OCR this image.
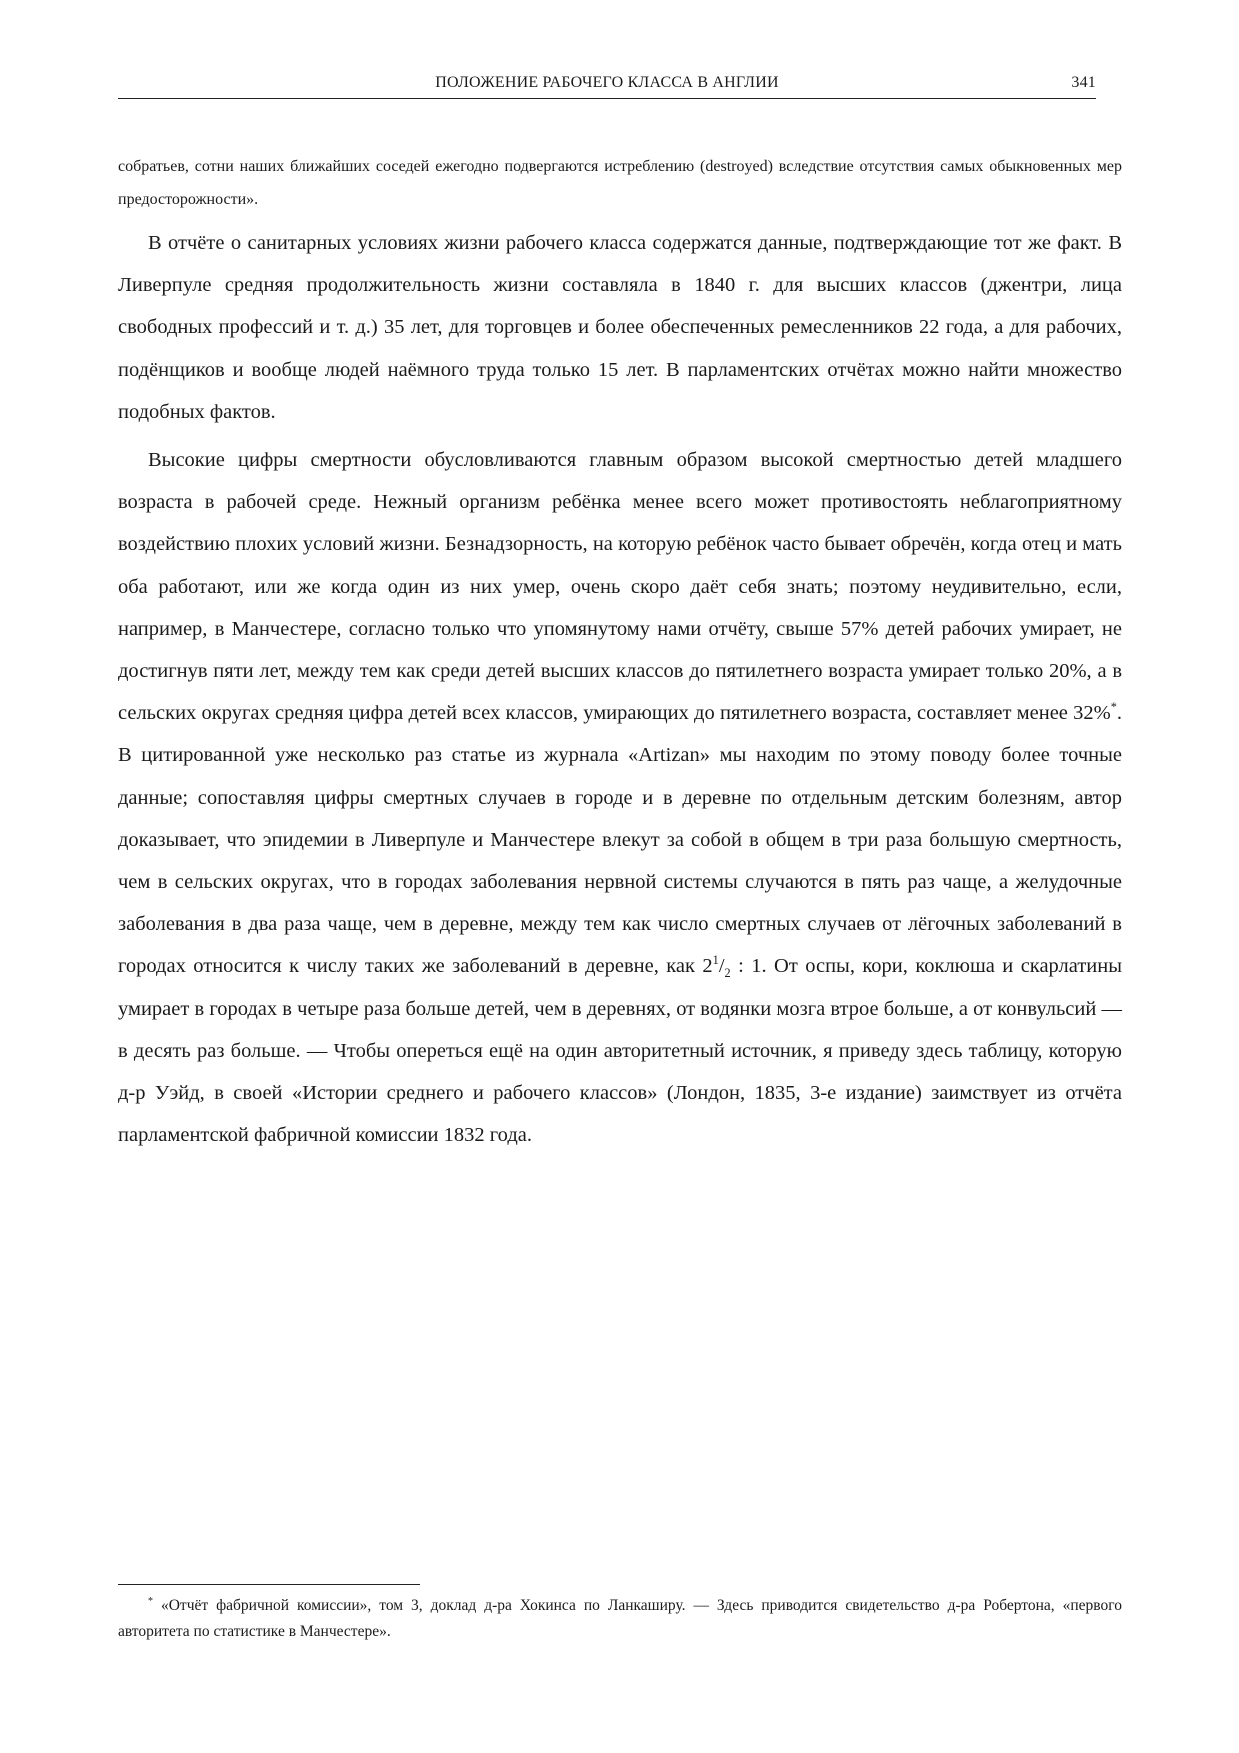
ПОЛОЖЕНИЕ РАБОЧЕГО КЛАССА В АНГЛИИ	341

собратьев, сотни наших ближайших соседей ежегодно подвергаются истреблению (destroyed) вследствие отсутствия самых обыкновенных мер предосторожности».

В отчёте о санитарных условиях жизни рабочего класса содержатся данные, подтверждающие тот же факт. В Ливерпуле средняя продолжительность жизни составляла в 1840 г. для высших классов (джентри, лица свободных профессий и т. д.) 35 лет, для торговцев и более обеспеченных ремесленников 22 года, а для рабочих, подёнщиков и вообще людей наёмного труда только 15 лет. В парламентских отчётах можно найти множество подобных фактов.

Высокие цифры смертности обусловливаются главным образом высокой смертностью детей младшего возраста в рабочей среде. Нежный организм ребёнка менее всего может противостоять неблагоприятному воздействию плохих условий жизни. Безнадзорность, на которую ребёнок часто бывает обречён, когда отец и мать оба работают, или же когда один из них умер, очень скоро даёт себя знать; поэтому неудивительно, если, например, в Манчестере, согласно только что упомянутому нами отчёту, свыше 57% детей рабочих умирает, не достигнув пяти лет, между тем как среди детей высших классов до пятилетнего возраста умирает только 20%, а в сельских округах средняя цифра детей всех классов, умирающих до пятилетнего возраста, составляет менее 32%*. В цитированной уже несколько раз статье из журнала «Artizan» мы находим по этому поводу более точные данные; сопоставляя цифры смертных случаев в городе и в деревне по отдельным детским болезням, автор доказывает, что эпидемии в Ливерпуле и Манчестере влекут за собой в общем в три раза большую смертность, чем в сельских округах, что в городах заболевания нервной системы случаются в пять раз чаще, а желудочные заболевания в два раза чаще, чем в деревне, между тем как число смертных случаев от лёгочных заболеваний в городах относится к числу таких же заболеваний в деревне, как $2^1/_2$ : 1. От оспы, кори, коклюша и скарлатины умирает в городах в четыре раза больше детей, чем в деревнях, от водянки мозга втрое больше, а от конвульсий — в десять раз больше. — Чтобы опереться ещё на один авторитетный источник, я приведу здесь таблицу, которую д-р Уэйд, в своей «Истории среднего и рабочего классов» (Лондон, 1835, 3-е издание) заимствует из отчёта парламентской фабричной комиссии 1832 года.

* «Отчёт фабричной комиссии», том 3, доклад д-ра Хокинса по Ланкаширу. — Здесь приводится свидетельство д-ра Робертона, «первого авторитета по статистике в Манчестере».
